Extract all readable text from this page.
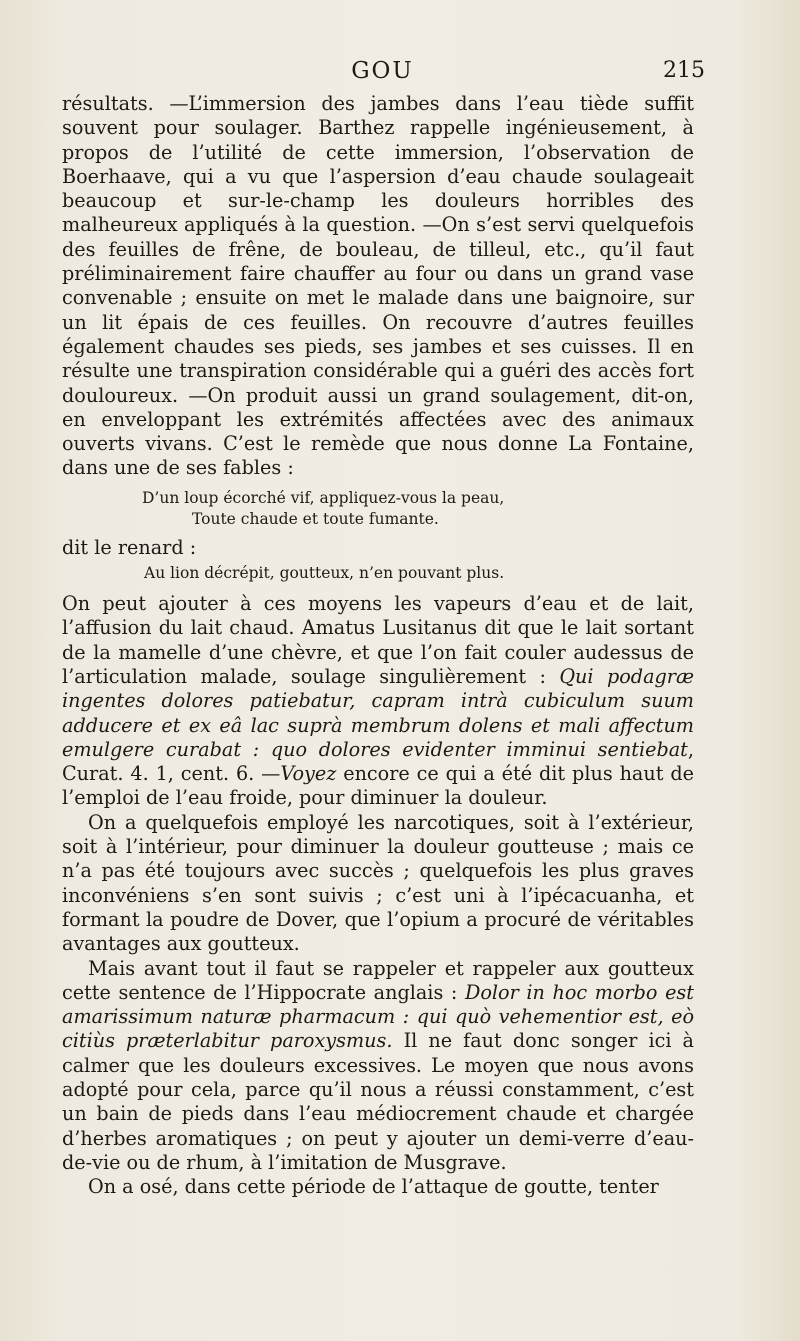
GOU	215

résultats. —L’immersion des jambes dans l’eau tiède suffit souvent pour soulager. Barthez rappelle ingénieusement, à propos de l’utilité de cette immersion, l’observation de Boerhaave, qui a vu que l’aspersion d’eau chaude soulageait beaucoup et sur-le-champ les douleurs horribles des malheureux appliqués à la question. —On s’est servi quelquefois des feuilles de frêne, de bouleau, de tilleul, etc., qu’il faut préliminairement faire chauffer au four ou dans un grand vase convenable ; ensuite on met le malade dans une baignoire, sur un lit épais de ces feuilles. On recouvre d’autres feuilles également chaudes ses pieds, ses jambes et ses cuisses. Il en résulte une transpiration considérable qui a guéri des accès fort douloureux. —On produit aussi un grand soulagement, dit-on, en enveloppant les extrémités affectées avec des animaux ouverts vivans. C’est le remède que nous donne La Fontaine, dans une de ses fables :

D’un loup écorché vif, appliquez-vous la peau,
Toute chaude et toute fumante.

dit le renard :

Au lion décrépit, goutteux, n’en pouvant plus.

On peut ajouter à ces moyens les vapeurs d’eau et de lait, l’affusion du lait chaud. Amatus Lusitanus dit que le lait sortant de la mamelle d’une chèvre, et que l’on fait couler audessus de l’articulation malade, soulage singulièrement : Qui podagræ ingentes dolores patiebatur, capram intrà cubiculum suum adducere et ex eâ lac suprà membrum dolens et mali affectum emulgere curabat : quo dolores evidenter imminui sentiebat, Curat. 4. 1, cent. 6. —Voyez encore ce qui a été dit plus haut de l’emploi de l’eau froide, pour diminuer la douleur.

On a quelquefois employé les narcotiques, soit à l’extérieur, soit à l’intérieur, pour diminuer la douleur goutteuse ; mais ce n’a pas été toujours avec succès ; quelquefois les plus graves inconvéniens s’en sont suivis ; c’est uni à l’ipécacuanha, et formant la poudre de Dover, que l’opium a procuré de véritables avantages aux goutteux.

Mais avant tout il faut se rappeler et rappeler aux goutteux cette sentence de l’Hippocrate anglais : Dolor in hoc morbo est amarissimum naturæ pharmacum : qui quò vehementior est, eò citiùs præterlabitur paroxysmus. Il ne faut donc songer ici à calmer que les douleurs excessives. Le moyen que nous avons adopté pour cela, parce qu’il nous a réussi constamment, c’est un bain de pieds dans l’eau médiocrement chaude et chargée d’herbes aromatiques ; on peut y ajouter un demi-verre d’eau-de-vie ou de rhum, à l’imitation de Musgrave.

On a osé, dans cette période de l’attaque de goutte, tenter
